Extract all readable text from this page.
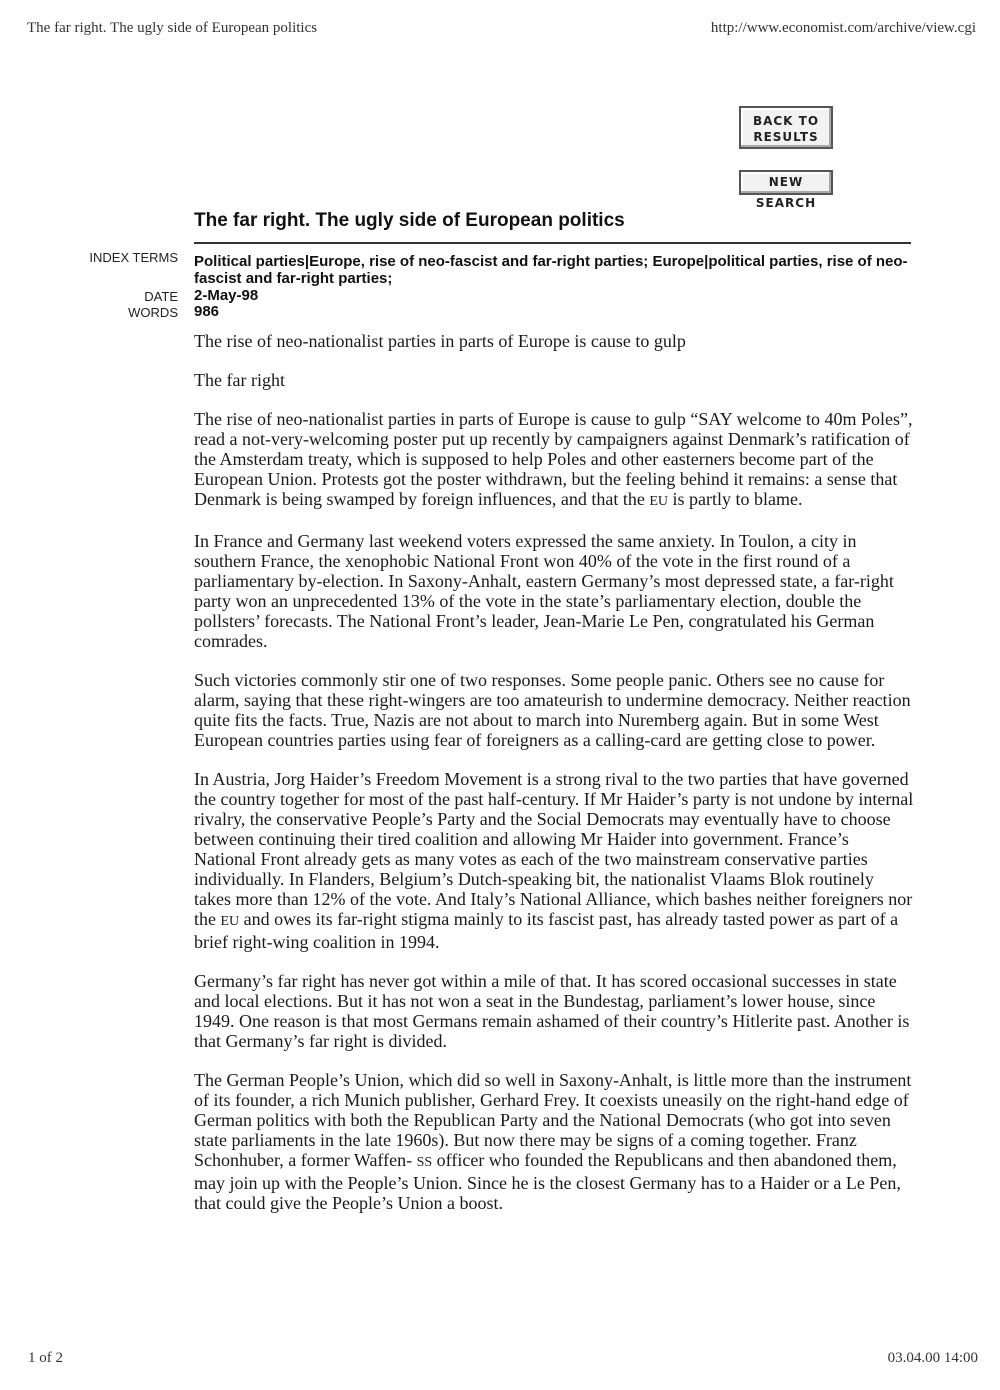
The far right. The ugly side of European politics	http://www.economist.com/archive/view.cgi
BACK TO RESULTS
NEW SEARCH
The far right. The ugly side of European politics
INDEX TERMS Political parties|Europe, rise of neo-fascist and far-right parties; Europe|political parties, rise of neo-fascist and far-right parties;
DATE 2-May-98
WORDS 986

The rise of neo-nationalist parties in parts of Europe is cause to gulp

The far right

The rise of neo-nationalist parties in parts of Europe is cause to gulp “SAY welcome to 40m Poles”, read a not-very-welcoming poster put up recently by campaigners against Denmark’s ratification of the Amsterdam treaty, which is supposed to help Poles and other easterners become part of the European Union. Protests got the poster withdrawn, but the feeling behind it remains: a sense that Denmark is being swamped by foreign influences, and that the EU is partly to blame.

In France and Germany last weekend voters expressed the same anxiety. In Toulon, a city in southern France, the xenophobic National Front won 40% of the vote in the first round of a parliamentary by-election. In Saxony-Anhalt, eastern Germany’s most depressed state, a far-right party won an unprecedented 13% of the vote in the state’s parliamentary election, double the pollsters’ forecasts. The National Front’s leader, Jean-Marie Le Pen, congratulated his German comrades.

Such victories commonly stir one of two responses. Some people panic. Others see no cause for alarm, saying that these right-wingers are too amateurish to undermine democracy. Neither reaction quite fits the facts. True, Nazis are not about to march into Nuremberg again. But in some West European countries parties using fear of foreigners as a calling-card are getting close to power.

In Austria, Jorg Haider’s Freedom Movement is a strong rival to the two parties that have governed the country together for most of the past half-century. If Mr Haider’s party is not undone by internal rivalry, the conservative People’s Party and the Social Democrats may eventually have to choose between continuing their tired coalition and allowing Mr Haider into government. France’s National Front already gets as many votes as each of the two mainstream conservative parties individually. In Flanders, Belgium’s Dutch-speaking bit, the nationalist Vlaams Blok routinely takes more than 12% of the vote. And Italy’s National Alliance, which bashes neither foreigners nor the EU and owes its far-right stigma mainly to its fascist past, has already tasted power as part of a brief right-wing coalition in 1994.

Germany’s far right has never got within a mile of that. It has scored occasional successes in state and local elections. But it has not won a seat in the Bundestag, parliament’s lower house, since 1949. One reason is that most Germans remain ashamed of their country’s Hitlerite past. Another is that Germany’s far right is divided.

The German People’s Union, which did so well in Saxony-Anhalt, is little more than the instrument of its founder, a rich Munich publisher, Gerhard Frey. It coexists uneasily on the right-hand edge of German politics with both the Republican Party and the National Democrats (who got into seven state parliaments in the late 1960s). But now there may be signs of a coming together. Franz Schonhuber, a former Waffen- SS officer who founded the Republicans and then abandoned them, may join up with the People’s Union. Since he is the closest Germany has to a Haider or a Le Pen, that could give the People’s Union a boost.

1 of 2	03.04.00 14:00
